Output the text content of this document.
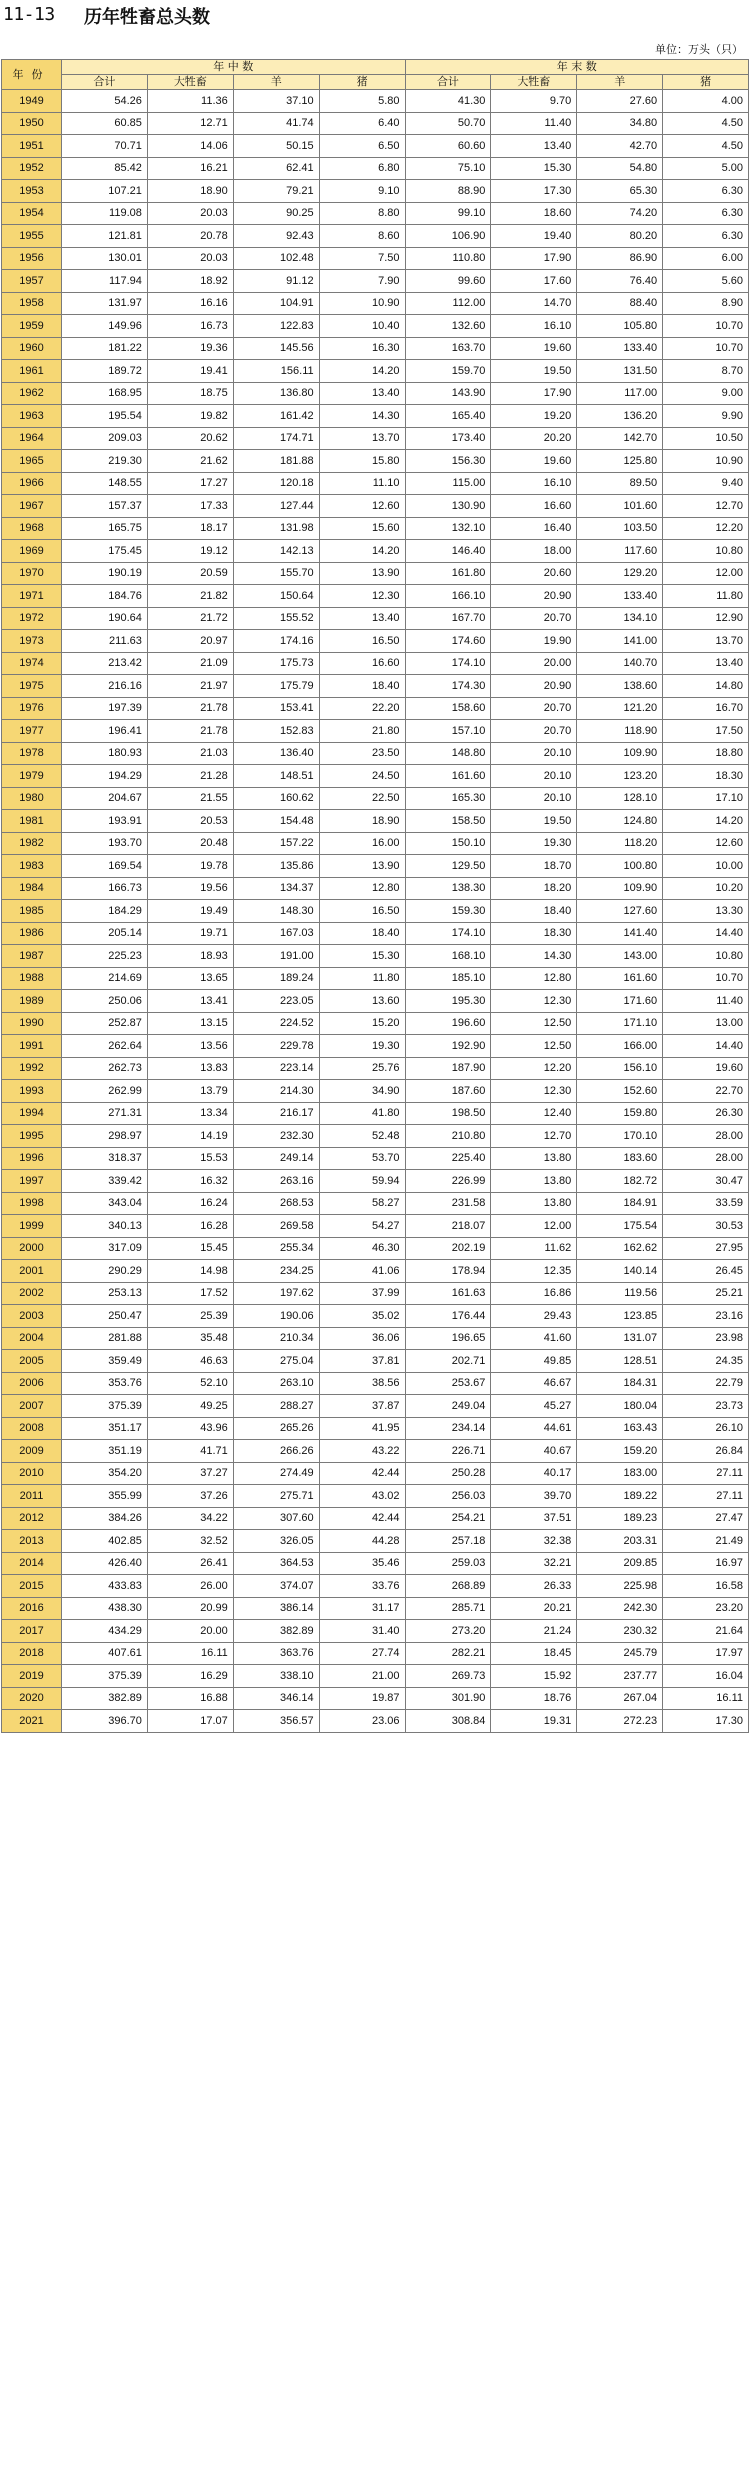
11-13 历年牲畜总头数
单位：万头（只）
年份	年 中 数				年 末 数			
	合计	大牲畜	羊	猪	合计	大牲畜	羊	猪
1949	54.26	11.36	37.10	5.80	41.30	9.70	27.60	4.00
1950	60.85	12.71	41.74	6.40	50.70	11.40	34.80	4.50
1951	70.71	14.06	50.15	6.50	60.60	13.40	42.70	4.50
1952	85.42	16.21	62.41	6.80	75.10	15.30	54.80	5.00
1953	107.21	18.90	79.21	9.10	88.90	17.30	65.30	6.30
1954	119.08	20.03	90.25	8.80	99.10	18.60	74.20	6.30
1955	121.81	20.78	92.43	8.60	106.90	19.40	80.20	6.30
1956	130.01	20.03	102.48	7.50	110.80	17.90	86.90	6.00
1957	117.94	18.92	91.12	7.90	99.60	17.60	76.40	5.60
1958	131.97	16.16	104.91	10.90	112.00	14.70	88.40	8.90
1959	149.96	16.73	122.83	10.40	132.60	16.10	105.80	10.70
1960	181.22	19.36	145.56	16.30	163.70	19.60	133.40	10.70
1961	189.72	19.41	156.11	14.20	159.70	19.50	131.50	8.70
1962	168.95	18.75	136.80	13.40	143.90	17.90	117.00	9.00
1963	195.54	19.82	161.42	14.30	165.40	19.20	136.20	9.90
1964	209.03	20.62	174.71	13.70	173.40	20.20	142.70	10.50
1965	219.30	21.62	181.88	15.80	156.30	19.60	125.80	10.90
1966	148.55	17.27	120.18	11.10	115.00	16.10	89.50	9.40
1967	157.37	17.33	127.44	12.60	130.90	16.60	101.60	12.70
1968	165.75	18.17	131.98	15.60	132.10	16.40	103.50	12.20
1969	175.45	19.12	142.13	14.20	146.40	18.00	117.60	10.80
1970	190.19	20.59	155.70	13.90	161.80	20.60	129.20	12.00
1971	184.76	21.82	150.64	12.30	166.10	20.90	133.40	11.80
1972	190.64	21.72	155.52	13.40	167.70	20.70	134.10	12.90
1973	211.63	20.97	174.16	16.50	174.60	19.90	141.00	13.70
1974	213.42	21.09	175.73	16.60	174.10	20.00	140.70	13.40
1975	216.16	21.97	175.79	18.40	174.30	20.90	138.60	14.80
1976	197.39	21.78	153.41	22.20	158.60	20.70	121.20	16.70
1977	196.41	21.78	152.83	21.80	157.10	20.70	118.90	17.50
1978	180.93	21.03	136.40	23.50	148.80	20.10	109.90	18.80
1979	194.29	21.28	148.51	24.50	161.60	20.10	123.20	18.30
1980	204.67	21.55	160.62	22.50	165.30	20.10	128.10	17.10
1981	193.91	20.53	154.48	18.90	158.50	19.50	124.80	14.20
1982	193.70	20.48	157.22	16.00	150.10	19.30	118.20	12.60
1983	169.54	19.78	135.86	13.90	129.50	18.70	100.80	10.00
1984	166.73	19.56	134.37	12.80	138.30	18.20	109.90	10.20
1985	184.29	19.49	148.30	16.50	159.30	18.40	127.60	13.30
1986	205.14	19.71	167.03	18.40	174.10	18.30	141.40	14.40
1987	225.23	18.93	191.00	15.30	168.10	14.30	143.00	10.80
1988	214.69	13.65	189.24	11.80	185.10	12.80	161.60	10.70
1989	250.06	13.41	223.05	13.60	195.30	12.30	171.60	11.40
1990	252.87	13.15	224.52	15.20	196.60	12.50	171.10	13.00
1991	262.64	13.56	229.78	19.30	192.90	12.50	166.00	14.40
1992	262.73	13.83	223.14	25.76	187.90	12.20	156.10	19.60
1993	262.99	13.79	214.30	34.90	187.60	12.30	152.60	22.70
1994	271.31	13.34	216.17	41.80	198.50	12.40	159.80	26.30
1995	298.97	14.19	232.30	52.48	210.80	12.70	170.10	28.00
1996	318.37	15.53	249.14	53.70	225.40	13.80	183.60	28.00
1997	339.42	16.32	263.16	59.94	226.99	13.80	182.72	30.47
1998	343.04	16.24	268.53	58.27	231.58	13.80	184.91	33.59
1999	340.13	16.28	269.58	54.27	218.07	12.00	175.54	30.53
2000	317.09	15.45	255.34	46.30	202.19	11.62	162.62	27.95
2001	290.29	14.98	234.25	41.06	178.94	12.35	140.14	26.45
2002	253.13	17.52	197.62	37.99	161.63	16.86	119.56	25.21
2003	250.47	25.39	190.06	35.02	176.44	29.43	123.85	23.16
2004	281.88	35.48	210.34	36.06	196.65	41.60	131.07	23.98
2005	359.49	46.63	275.04	37.81	202.71	49.85	128.51	24.35
2006	353.76	52.10	263.10	38.56	253.67	46.67	184.31	22.79
2007	375.39	49.25	288.27	37.87	249.04	45.27	180.04	23.73
2008	351.17	43.96	265.26	41.95	234.14	44.61	163.43	26.10
2009	351.19	41.71	266.26	43.22	226.71	40.67	159.20	26.84
2010	354.20	37.27	274.49	42.44	250.28	40.17	183.00	27.11
2011	355.99	37.26	275.71	43.02	256.03	39.70	189.22	27.11
2012	384.26	34.22	307.60	42.44	254.21	37.51	189.23	27.47
2013	402.85	32.52	326.05	44.28	257.18	32.38	203.31	21.49
2014	426.40	26.41	364.53	35.46	259.03	32.21	209.85	16.97
2015	433.83	26.00	374.07	33.76	268.89	26.33	225.98	16.58
2016	438.30	20.99	386.14	31.17	285.71	20.21	242.30	23.20
2017	434.29	20.00	382.89	31.40	273.20	21.24	230.32	21.64
2018	407.61	16.11	363.76	27.74	282.21	18.45	245.79	17.97
2019	375.39	16.29	338.10	21.00	269.73	15.92	237.77	16.04
2020	382.89	16.88	346.14	19.87	301.90	18.76	267.04	16.11
2021	396.70	17.07	356.57	23.06	308.84	19.31	272.23	17.30
